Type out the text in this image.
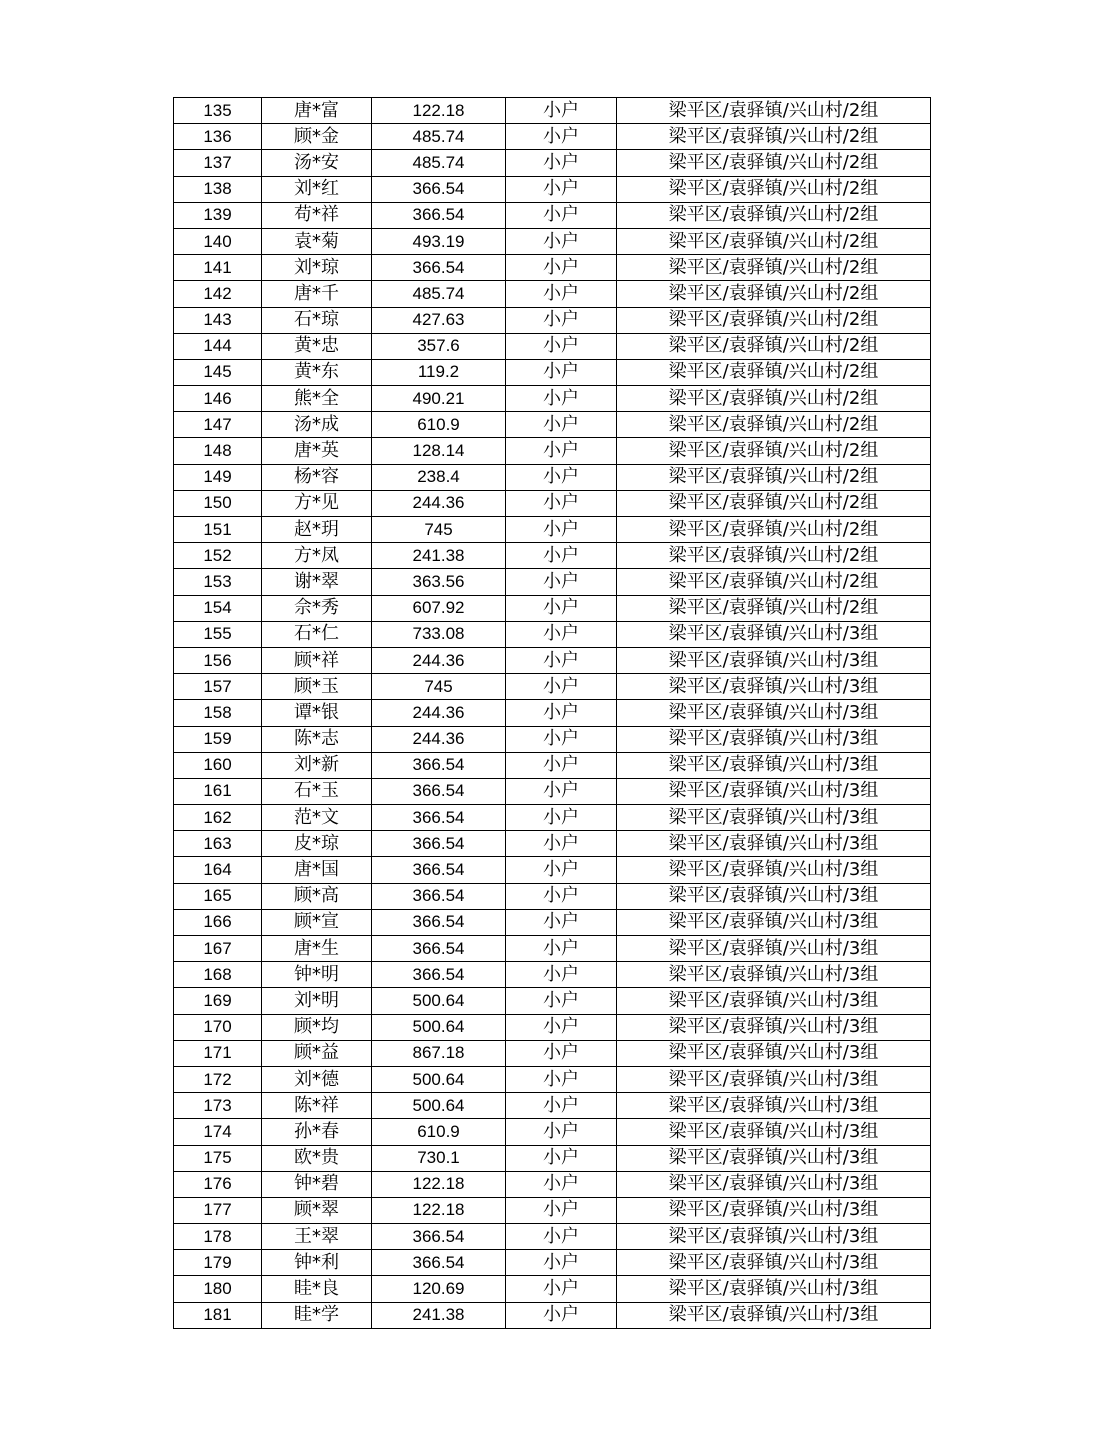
135	唐*富	122.18	小户	梁平区/袁驿镇/兴山村/2组
136	顾*金	485.74	小户	梁平区/袁驿镇/兴山村/2组
137	汤*安	485.74	小户	梁平区/袁驿镇/兴山村/2组
138	刘*红	366.54	小户	梁平区/袁驿镇/兴山村/2组
139	苟*祥	366.54	小户	梁平区/袁驿镇/兴山村/2组
140	袁*菊	493.19	小户	梁平区/袁驿镇/兴山村/2组
141	刘*琼	366.54	小户	梁平区/袁驿镇/兴山村/2组
142	唐*千	485.74	小户	梁平区/袁驿镇/兴山村/2组
143	石*琼	427.63	小户	梁平区/袁驿镇/兴山村/2组
144	黄*忠	357.6	小户	梁平区/袁驿镇/兴山村/2组
145	黄*东	119.2	小户	梁平区/袁驿镇/兴山村/2组
146	熊*全	490.21	小户	梁平区/袁驿镇/兴山村/2组
147	汤*成	610.9	小户	梁平区/袁驿镇/兴山村/2组
148	唐*英	128.14	小户	梁平区/袁驿镇/兴山村/2组
149	杨*容	238.4	小户	梁平区/袁驿镇/兴山村/2组
150	方*见	244.36	小户	梁平区/袁驿镇/兴山村/2组
151	赵*玥	745	小户	梁平区/袁驿镇/兴山村/2组
152	方*凤	241.38	小户	梁平区/袁驿镇/兴山村/2组
153	谢*翠	363.56	小户	梁平区/袁驿镇/兴山村/2组
154	佘*秀	607.92	小户	梁平区/袁驿镇/兴山村/2组
155	石*仁	733.08	小户	梁平区/袁驿镇/兴山村/3组
156	顾*祥	244.36	小户	梁平区/袁驿镇/兴山村/3组
157	顾*玉	745	小户	梁平区/袁驿镇/兴山村/3组
158	谭*银	244.36	小户	梁平区/袁驿镇/兴山村/3组
159	陈*志	244.36	小户	梁平区/袁驿镇/兴山村/3组
160	刘*新	366.54	小户	梁平区/袁驿镇/兴山村/3组
161	石*玉	366.54	小户	梁平区/袁驿镇/兴山村/3组
162	范*文	366.54	小户	梁平区/袁驿镇/兴山村/3组
163	皮*琼	366.54	小户	梁平区/袁驿镇/兴山村/3组
164	唐*国	366.54	小户	梁平区/袁驿镇/兴山村/3组
165	顾*高	366.54	小户	梁平区/袁驿镇/兴山村/3组
166	顾*宣	366.54	小户	梁平区/袁驿镇/兴山村/3组
167	唐*生	366.54	小户	梁平区/袁驿镇/兴山村/3组
168	钟*明	366.54	小户	梁平区/袁驿镇/兴山村/3组
169	刘*明	500.64	小户	梁平区/袁驿镇/兴山村/3组
170	顾*均	500.64	小户	梁平区/袁驿镇/兴山村/3组
171	顾*益	867.18	小户	梁平区/袁驿镇/兴山村/3组
172	刘*德	500.64	小户	梁平区/袁驿镇/兴山村/3组
173	陈*祥	500.64	小户	梁平区/袁驿镇/兴山村/3组
174	孙*春	610.9	小户	梁平区/袁驿镇/兴山村/3组
175	欧*贵	730.1	小户	梁平区/袁驿镇/兴山村/3组
176	钟*碧	122.18	小户	梁平区/袁驿镇/兴山村/3组
177	顾*翠	122.18	小户	梁平区/袁驿镇/兴山村/3组
178	王*翠	366.54	小户	梁平区/袁驿镇/兴山村/3组
179	钟*利	366.54	小户	梁平区/袁驿镇/兴山村/3组
180	眭*良	120.69	小户	梁平区/袁驿镇/兴山村/3组
181	眭*学	241.38	小户	梁平区/袁驿镇/兴山村/3组
